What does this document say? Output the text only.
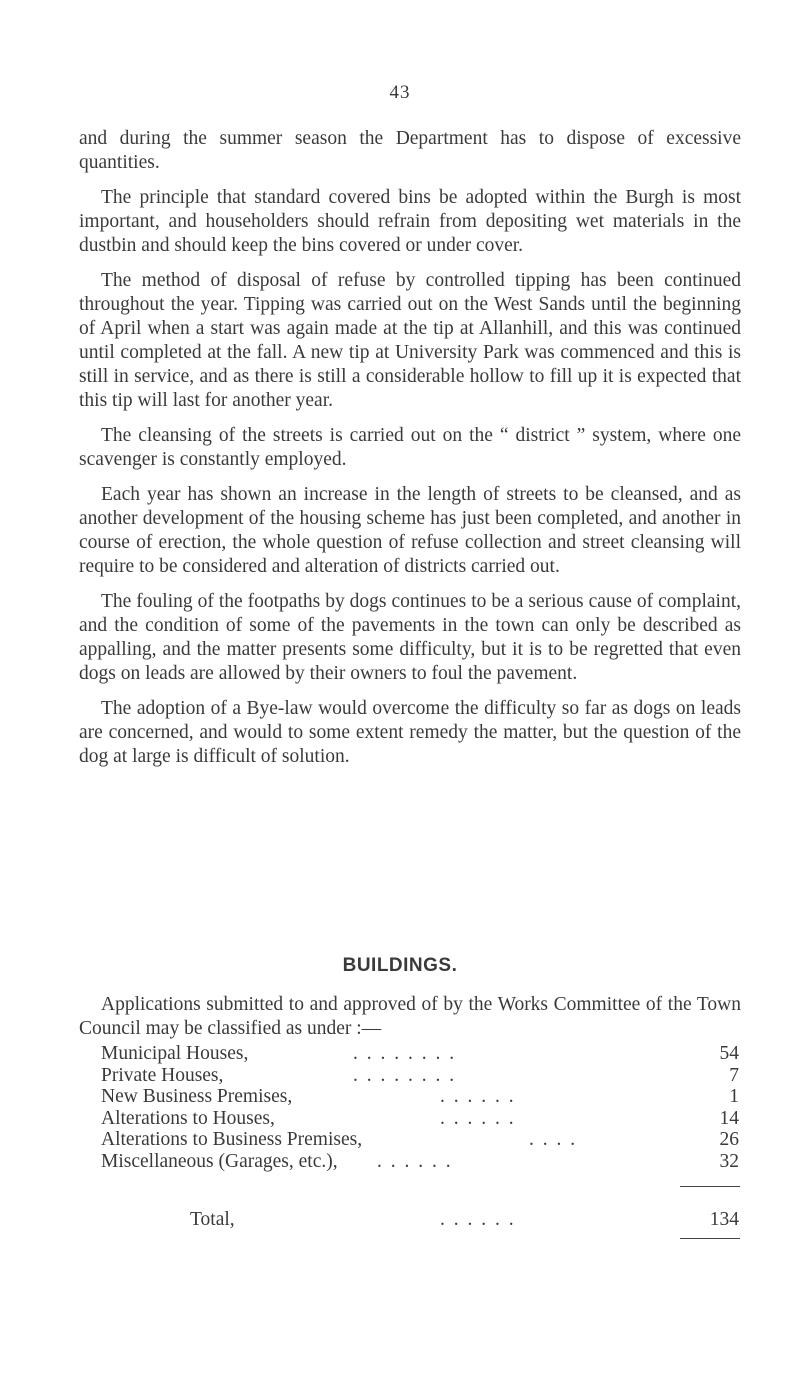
43

and during the summer season the Department has to dispose of excessive quantities.

The principle that standard covered bins be adopted within the Burgh is most important, and householders should refrain from depositing wet materials in the dustbin and should keep the bins covered or under cover.

The method of disposal of refuse by controlled tipping has been continued throughout the year. Tipping was carried out on the West Sands until the beginning of April when a start was again made at the tip at Allanhill, and this was continued until completed at the fall. A new tip at University Park was commenced and this is still in service, and as there is still a considerable hollow to fill up it is expected that this tip will last for another year.

The cleansing of the streets is carried out on the “ district ” system, where one scavenger is constantly employed.

Each year has shown an increase in the length of streets to be cleansed, and as another development of the housing scheme has just been completed, and another in course of erection, the whole question of refuse collection and street cleansing will require to be considered and alteration of districts carried out.

The fouling of the footpaths by dogs continues to be a serious cause of complaint, and the condition of some of the pavements in the town can only be described as appalling, and the matter presents some difficulty, but it is to be regretted that even dogs on leads are allowed by their owners to foul the pavement.

The adoption of a Bye-law would overcome the difficulty so far as dogs on leads are concerned, and would to some extent remedy the matter, but the question of the dog at large is difficult of solution.

BUILDINGS.

Applications submitted to and approved of by the Works Committee of the Town Council may be classified as under :—

Municipal Houses,	. . . . . . . .	54
Private Houses,	. . . . . . . .	7
New Business Premises,	. . . . . .	1
Alterations to Houses,	. . . . . .	14
Alterations to Business Premises,	. . . .	26
Miscellaneous (Garages, etc.), . . . . . .	32
Total,	. . . . . .	134
